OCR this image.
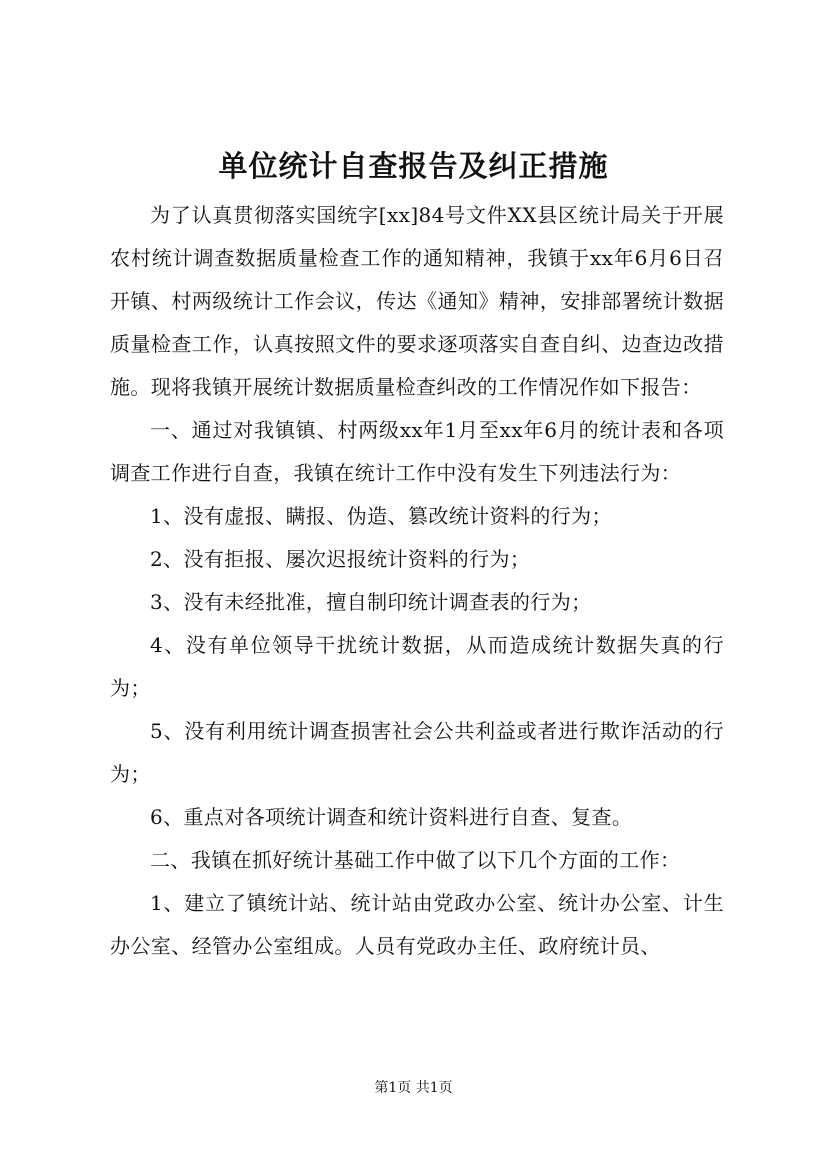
单位统计自查报告及纠正措施

为了认真贯彻落实国统字[xx]84号文件XX县区统计局关于开展农村统计调查数据质量检查工作的通知精神，我镇于xx年6月6日召开镇、村两级统计工作会议，传达《通知》精神，安排部署统计数据质量检查工作，认真按照文件的要求逐项落实自查自纠、边查边改措施。现将我镇开展统计数据质量检查纠改的工作情况作如下报告：

一、通过对我镇镇、村两级xx年1月至xx年6月的统计表和各项调查工作进行自查，我镇在统计工作中没有发生下列违法行为：

1、没有虚报、瞒报、伪造、篡改统计资料的行为；

2、没有拒报、屡次迟报统计资料的行为；

3、没有未经批准，擅自制印统计调查表的行为；

4、没有单位领导干扰统计数据，从而造成统计数据失真的行为；

5、没有利用统计调查损害社会公共利益或者进行欺诈活动的行为；

6、重点对各项统计调查和统计资料进行自查、复查。

二、我镇在抓好统计基础工作中做了以下几个方面的工作：

1、建立了镇统计站、统计站由党政办公室、统计办公室、计生办公室、经管办公室组成。人员有党政办主任、政府统计员、

第1页 共1页
